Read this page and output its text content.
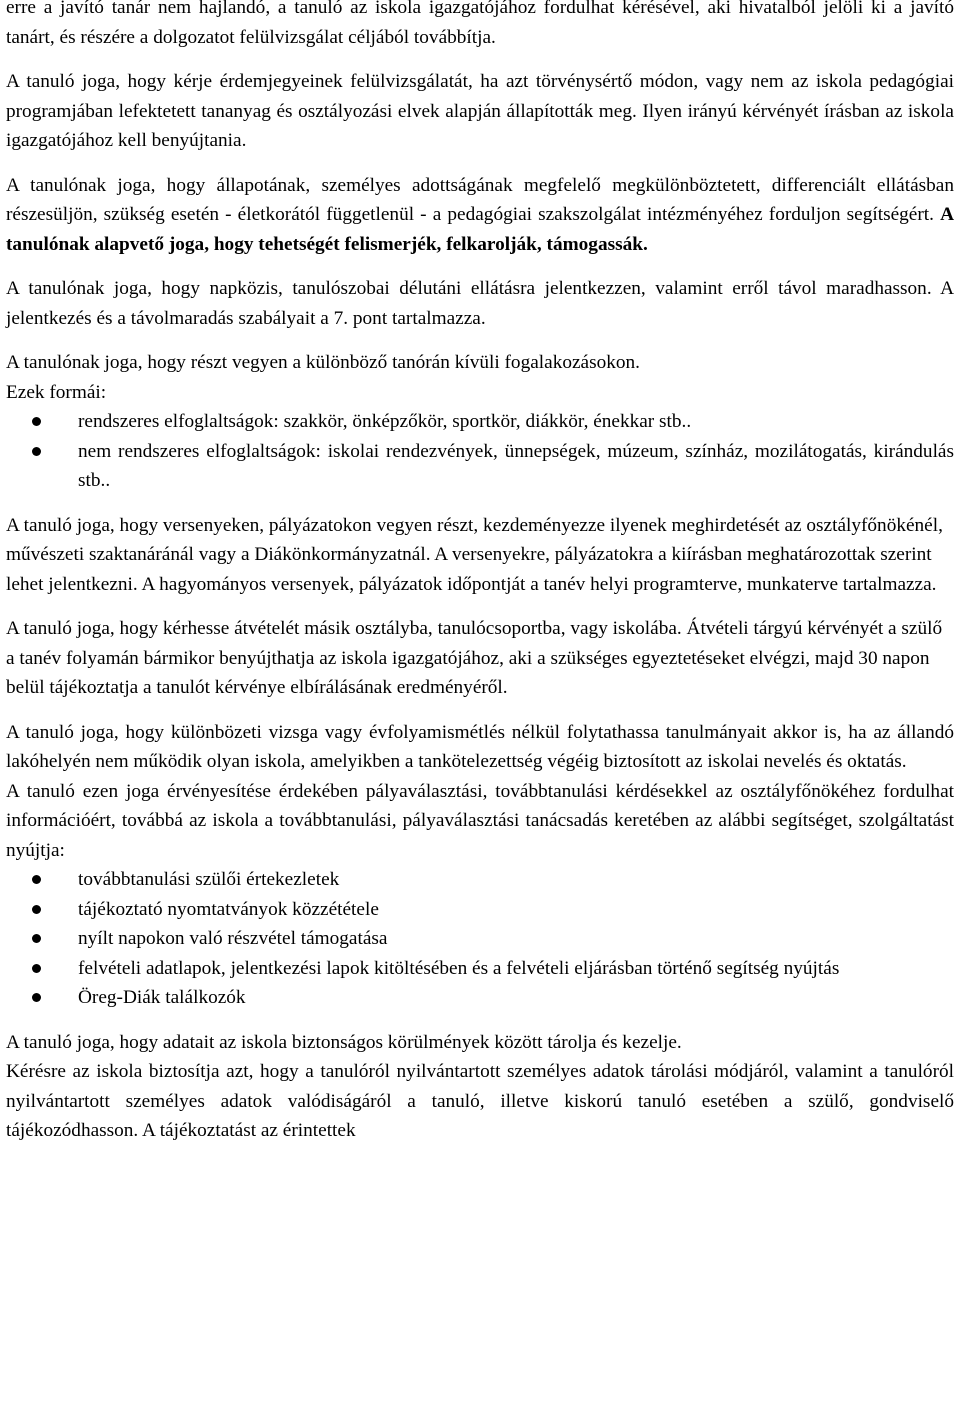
erre a javító tanár nem hajlandó, a tanuló az iskola igazgatójához fordulhat kérésével, aki hivatalból jelöli ki a javító tanárt, és részére a dolgozatot felülvizsgálat céljából továbbítja.

A tanuló joga, hogy kérje érdemjegyeinek felülvizsgálatát, ha azt törvénysértő módon, vagy nem az iskola pedagógiai programjában lefektetett tananyag és osztályozási elvek alapján állapították meg. Ilyen irányú kérvényét írásban az iskola igazgatójához kell benyújtania.

A tanulónak joga, hogy állapotának, személyes adottságának megfelelő megkülönböztetett, differenciált ellátásban részesüljön, szükség esetén - életkorától függetlenül - a pedagógiai szakszolgálat intézményéhez forduljon segítségért. A tanulónak alapvető joga, hogy tehetségét felismerjék, felkarolják, támogassák.

A tanulónak joga, hogy napközis, tanulószobai délutáni ellátásra jelentkezzen, valamint erről távol maradhasson. A jelentkezés és a távolmaradás szabályait a 7. pont tartalmazza.

A tanulónak joga, hogy részt vegyen a különböző tanórán kívüli fogalakozásokon.

Ezek formái:

rendszeres elfoglaltságok: szakkör, önképzőkör, sportkör, diákkör, énekkar stb..
nem rendszeres elfoglaltságok: iskolai rendezvények, ünnepségek, múzeum, színház, mozilátogatás, kirándulás stb..

A tanuló joga, hogy versenyeken, pályázatokon vegyen részt, kezdeményezze ilyenek meghirdetését az osztályfőnökénél, művészeti szaktanáránál vagy a Diákönkormányzatnál. A versenyekre, pályázatokra a kiírásban meghatározottak szerint lehet jelentkezni. A hagyományos versenyek, pályázatok időpontját a tanév helyi programterve, munkaterve tartalmazza.

A tanuló joga, hogy kérhesse átvételét másik osztályba, tanulócsoportba, vagy iskolába. Átvételi tárgyú kérvényét a szülő a tanév folyamán bármikor benyújthatja az iskola igazgatójához, aki a szükséges egyeztetéseket elvégzi, majd 30 napon belül tájékoztatja a tanulót kérvénye elbírálásának eredményéről.

A tanuló joga, hogy különbözeti vizsga vagy évfolyamismétlés nélkül folytathassa tanulmányait akkor is, ha az állandó lakóhelyén nem működik olyan iskola, amelyikben a tankötelezettség végéig biztosított az iskolai nevelés és oktatás.

A tanuló ezen joga érvényesítése érdekében pályaválasztási, továbbtanulási kérdésekkel az osztályfőnökéhez fordulhat információért, továbbá az iskola a továbbtanulási, pályaválasztási tanácsadás keretében az alábbi segítséget, szolgáltatást nyújtja:

továbbtanulási szülői értekezletek
tájékoztató nyomtatványok közzététele
nyílt napokon való részvétel támogatása
felvételi adatlapok, jelentkezési lapok kitöltésében és a felvételi eljárásban történő segítség nyújtás
Öreg-Diák találkozók

A tanuló joga, hogy adatait az iskola biztonságos körülmények között tárolja és kezelje.

Kérésre az iskola biztosítja azt, hogy a tanulóról nyilvántartott személyes adatok tárolási módjáról, valamint a tanulóról nyilvántartott személyes adatok valódiságáról a tanuló, illetve kiskorú tanuló esetében a szülő, gondviselő tájékozódhasson. A tájékoztatást az érintettek
